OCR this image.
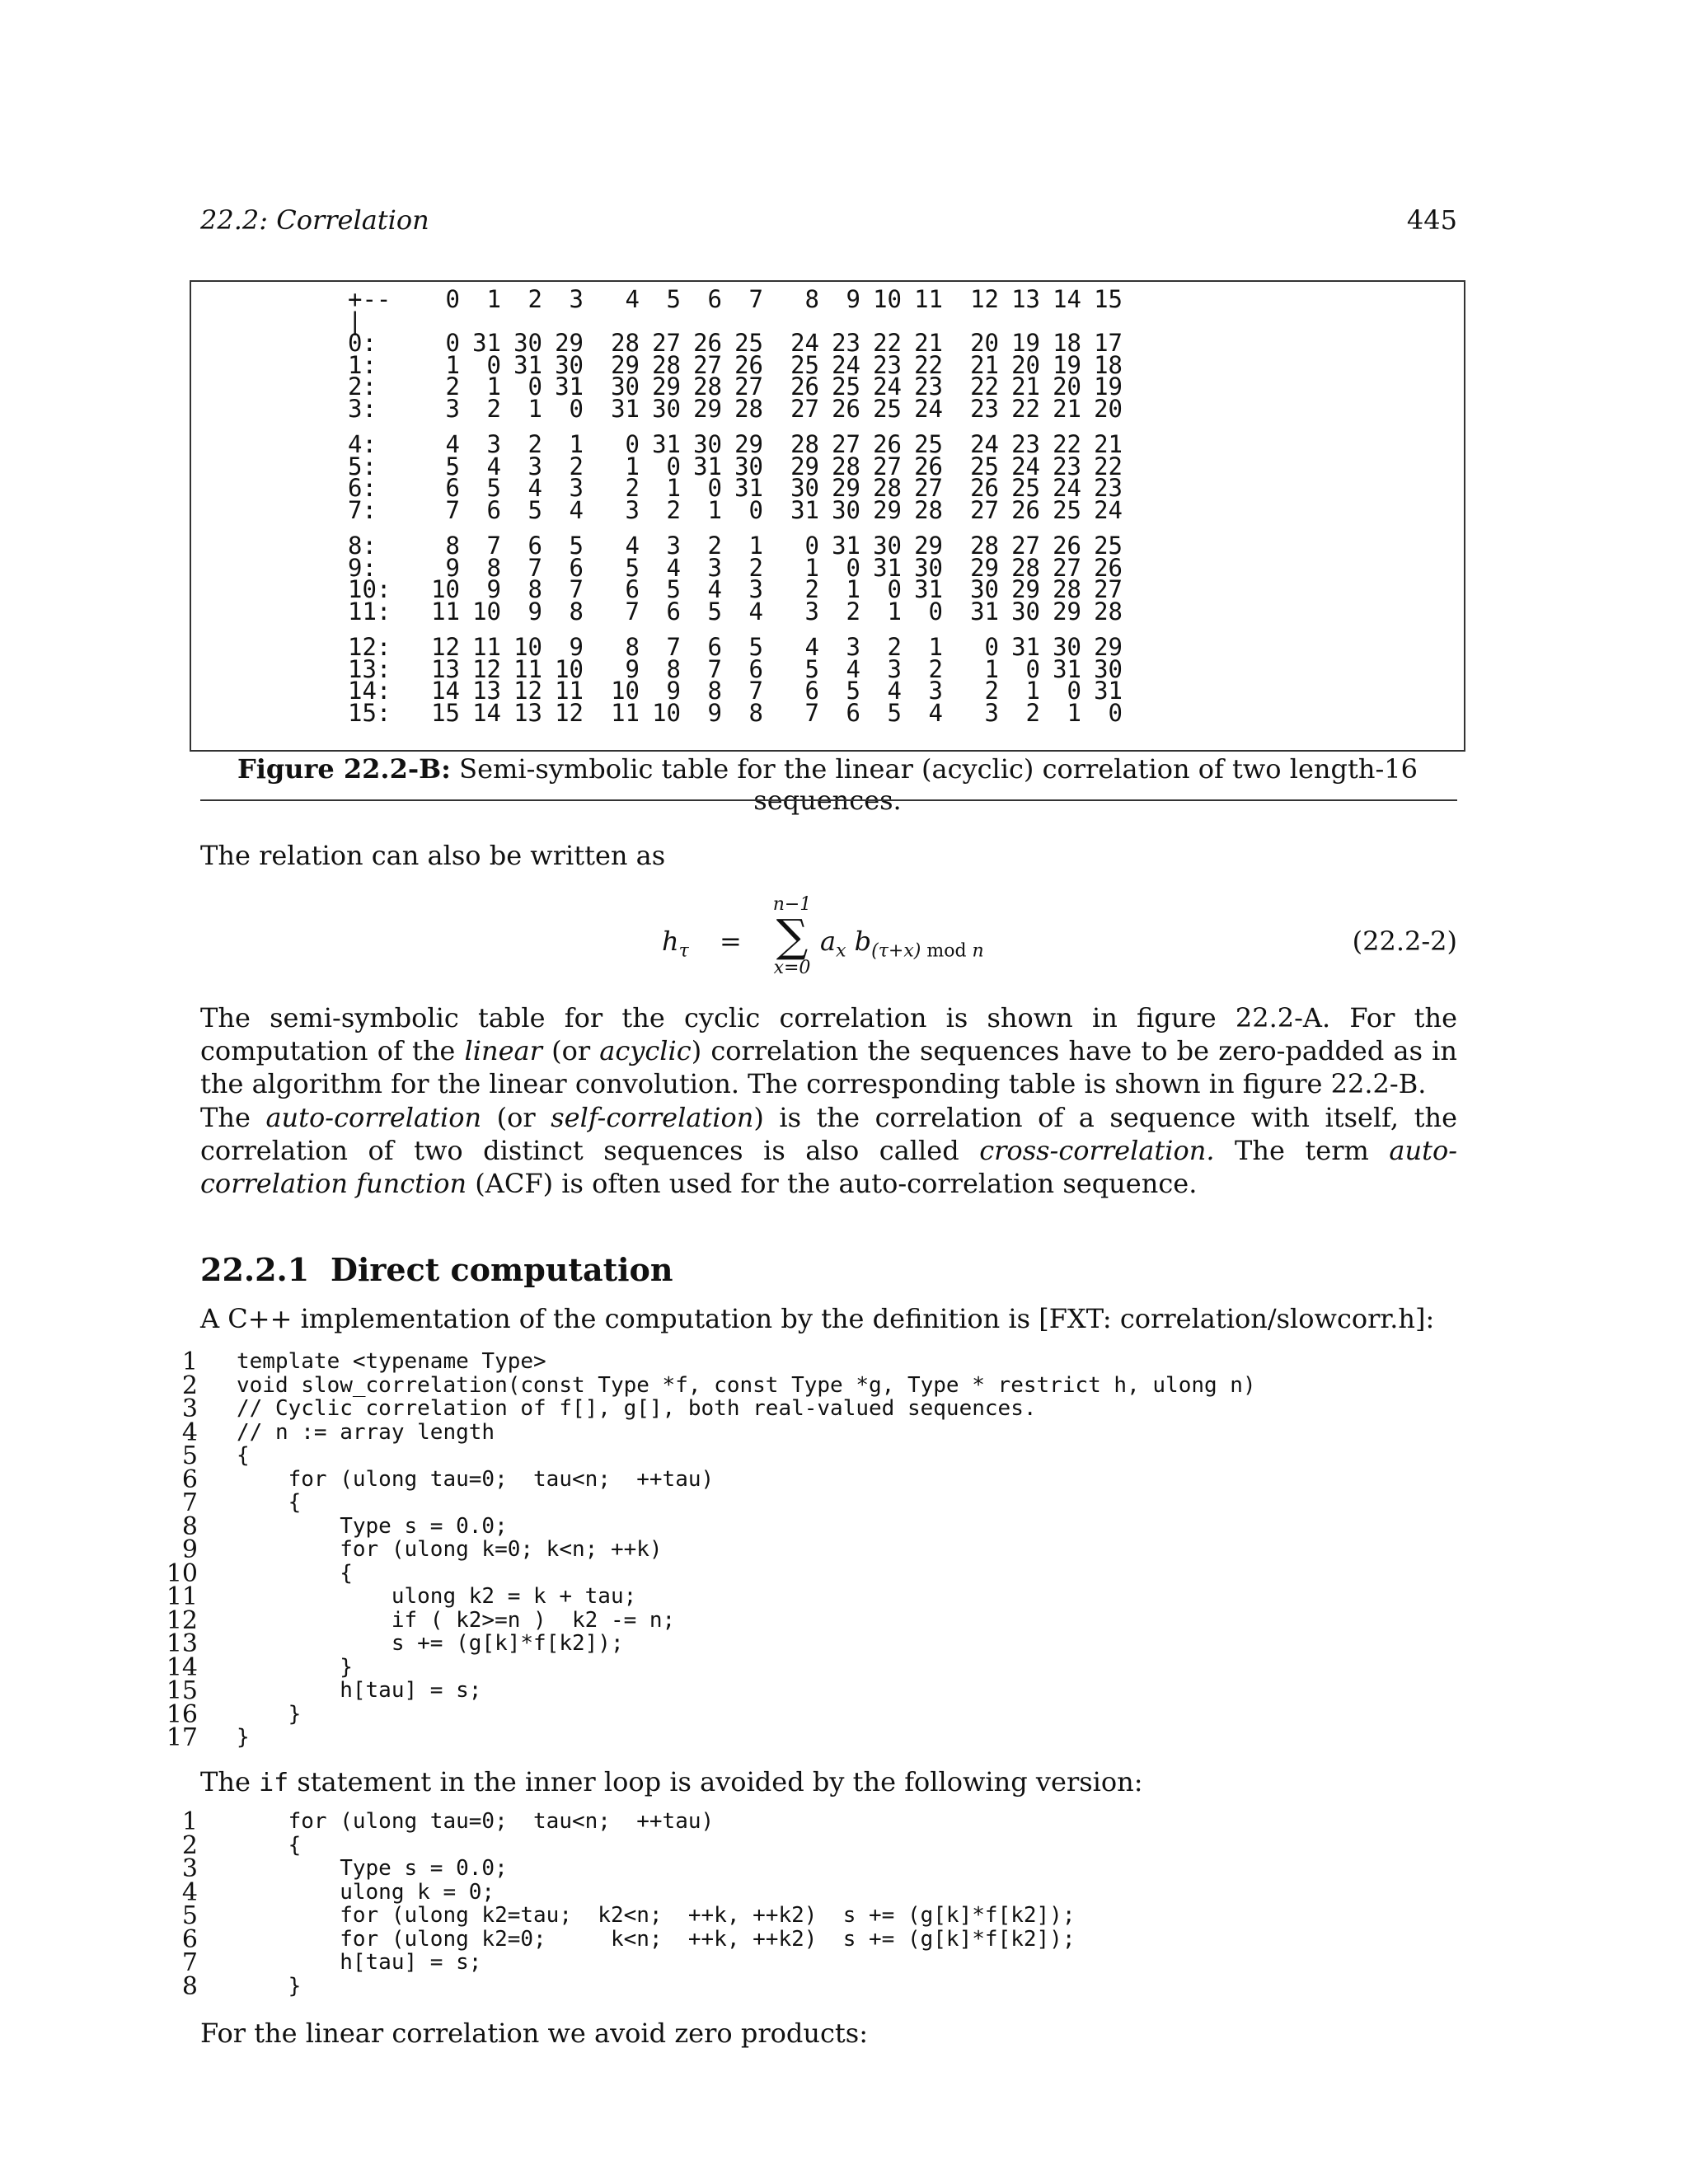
22.2: Correlation	445
+--	0	1	2	3	4	5	6	7	8	9 10 11	12 13 14 15
|
0:	0 31 30 29	28 27 26 25	24 23 22 21	20 19 18 17
1:	1	0 31 30	29 28 27 26	25 24 23 22	21 20 19 18
2:	2	1	0 31	30 29 28 27	26 25 24 23	22 21 20 19
3:	3	2	1	0	31 30 29 28	27 26 25 24	23 22 21 20
4:	4	3	2	1	0 31 30 29	28 27 26 25	24 23 22 21
5:	5	4	3	2	1	0 31 30	29 28 27 26	25 24 23 22
6:	6	5	4	3	2	1	0 31	30 29 28 27	26 25 24 23
7:	7	6	5	4	3	2	1	0	31 30 29 28	27 26 25 24
8:	8	7	6	5	4	3	2	1	0 31 30 29	28 27 26 25
9:	9	8	7	6	5	4	3	2	1	0 31 30	29 28 27 26
10:	10	9	8	7	6	5	4	3	2	1	0 31	30 29 28 27
11:	11 10	9	8	7	6	5	4	3	2	1	0	31 30 29 28
12:	12 11 10	9	8	7	6	5	4	3	2	1	0 31 30 29
13:	13 12 11 10	9	8	7	6	5	4	3	2	1	0 31 30
14:	14 13 12 11	10	9	8	7	6	5	4	3	2	1	0 31
15:	15 14 13 12	11 10	9	8	7	6	5	4	3	2	1	0
Figure 22.2-B: Semi-symbolic table for the linear (acyclic) correlation of two length-16 sequences.
The relation can also be written as
$h_\tau$ =
n−1
∑
x=0
$a_x$ $b_{(\tau+x) mod n}$	(22.2-2)
The semi-symbolic table for the cyclic correlation is shown in figure 22.2-A. For the computation of the linear (or acyclic) correlation the sequences have to be zero-padded as in the algorithm for the linear convolution. The corresponding table is shown in figure 22.2-B.
The auto-correlation (or self-correlation) is the correlation of a sequence with itself, the correlation of two distinct sequences is also called cross-correlation. The term auto-correlation function (ACF) is often used for the auto-correlation sequence.
22.2.1 Direct computation
A C++ implementation of the computation by the definition is [FXT: correlation/slowcorr.h]:
1 template <typename Type>
2 void slow_correlation(const Type *f, const Type *g, Type * restrict h, ulong n)
3 // Cyclic correlation of f[], g[], both real-valued sequences.
4 // n := array length
5 {
6 for (ulong tau=0;  tau<n;  ++tau)
7 {
8 Type s = 0.0;
9 for (ulong k=0; k<n; ++k)
10 {
11 ulong k2 = k + tau;
12 if ( k2>=n )  k2 -= n;
13 s += (g[k]*f[k2]);
14 }
15 h[tau] = s;
16 }
17 }
The if statement in the inner loop is avoided by the following version:
1 for (ulong tau=0;  tau<n;  ++tau)
2 {
3 Type s = 0.0;
4 ulong k = 0;
5 for (ulong k2=tau;  k2<n;  ++k, ++k2)  s += (g[k]*f[k2]);
6 for (ulong k2=0;     k<n;  ++k, ++k2)  s += (g[k]*f[k2]);
7 h[tau] = s;
8 }
For the linear correlation we avoid zero products:
